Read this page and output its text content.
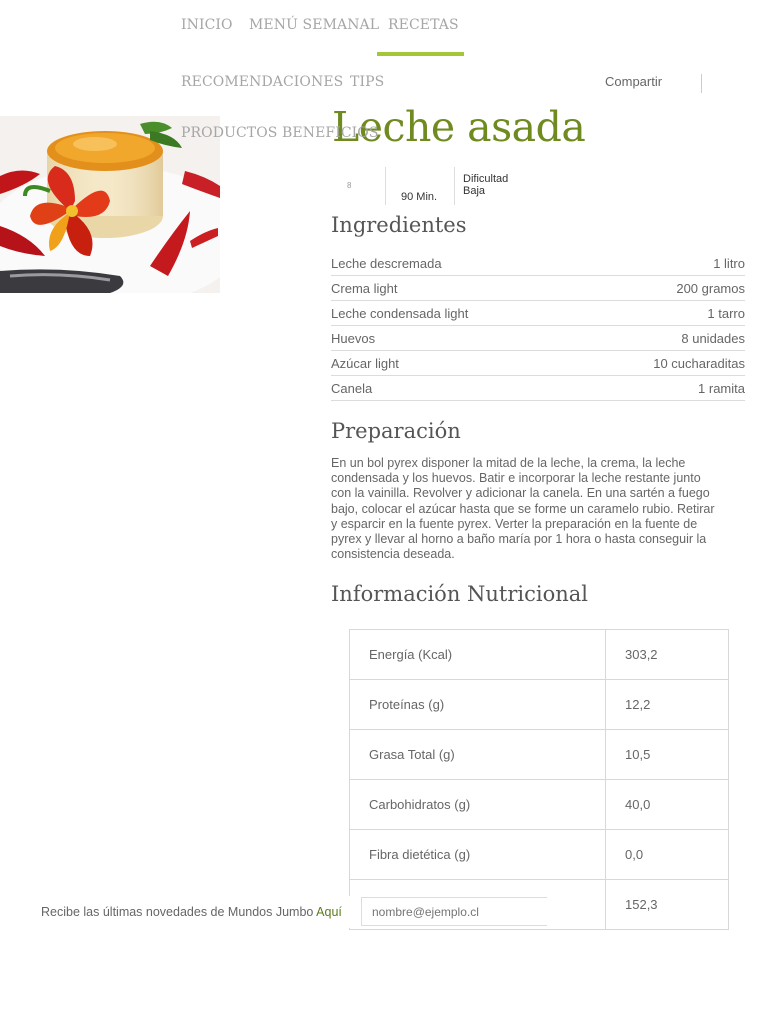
INICIO MENÚ SEMANAL RECETAS
RECOMENDACIONES TIPS
PRODUCTOS BENEFICIOS
Compartir
Leche asada
8
90 Min.
Dificultad
Baja
Ingredientes
Leche descremada	1 litro
Crema light	200 gramos
Leche condensada light	1 tarro
Huevos	8 unidades
Azúcar light	10 cucharaditas
Canela	1 ramita
Preparación

En un bol pyrex disponer la mitad de la leche, la crema, la leche condensada y los huevos. Batir e incorporar la leche restante junto con la vainilla. Revolver y adicionar la canela. En una sartén a fuego bajo, colocar el azúcar hasta que se forme un caramelo rubio. Retirar y esparcir en la fuente pyrex. Verter la preparación en la fuente de pyrex y llevar al horno a baño maría por 1 hora o hasta conseguir la consistencia deseada.

Información Nutricional
Energía (Kcal)	303,2
Proteínas (g)	12,2
Grasa Total (g)	10,5
Carbohidratos (g)	40,0
Fibra dietética (g)	0,0
	152,3
Recibe las últimas novedades de Mundos Jumbo Aquí
nombre@ejemplo.cl
